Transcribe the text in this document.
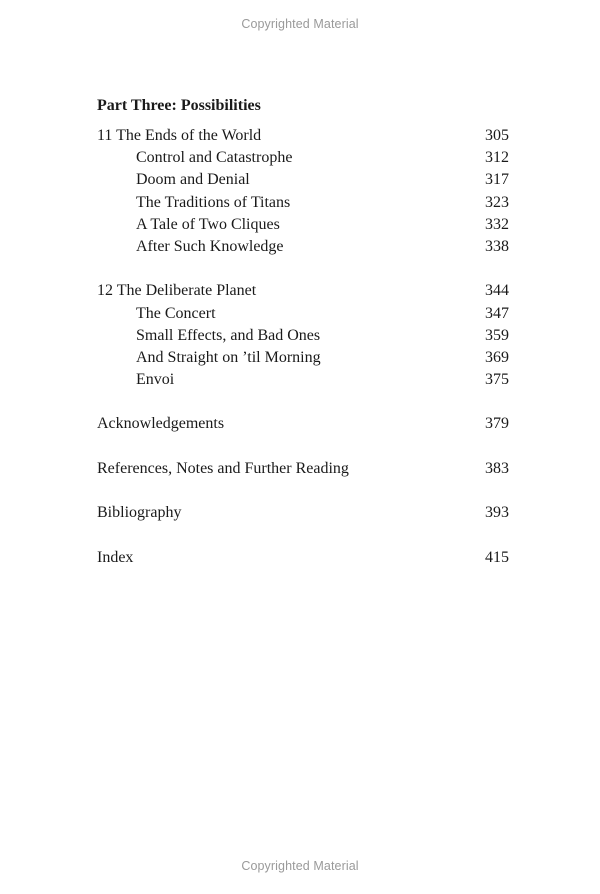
Copyrighted Material
Part Three: Possibilities
11 The Ends of the World	305
Control and Catastrophe	312
Doom and Denial	317
The Traditions of Titans	323
A Tale of Two Cliques	332
After Such Knowledge	338
12 The Deliberate Planet	344
The Concert	347
Small Effects, and Bad Ones	359
And Straight on ’til Morning	369
Envoi	375
Acknowledgements	379
References, Notes and Further Reading	383
Bibliography	393
Index	415
Copyrighted Material
